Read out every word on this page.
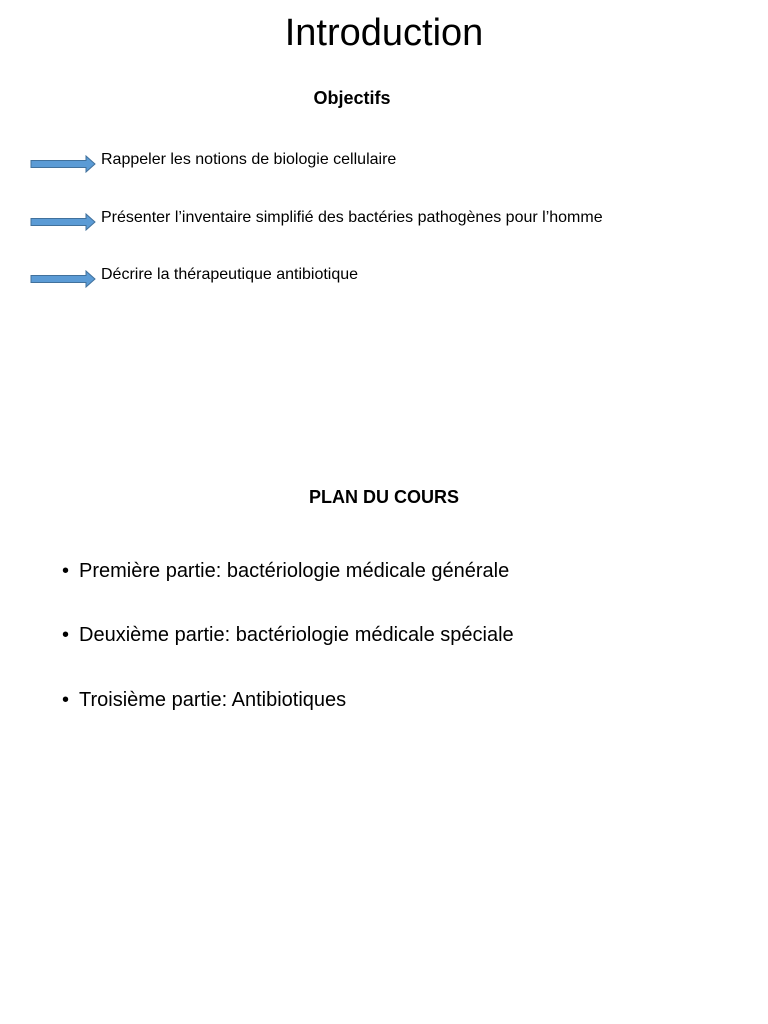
Introduction
Objectifs
Rappeler les notions de biologie cellulaire
Présenter l’inventaire simplifié des bactéries pathogènes pour l’homme
Décrire la thérapeutique antibiotique
PLAN DU COURS
• Première partie: bactériologie médicale générale
• Deuxième partie: bactériologie médicale spéciale
• Troisième partie: Antibiotiques
